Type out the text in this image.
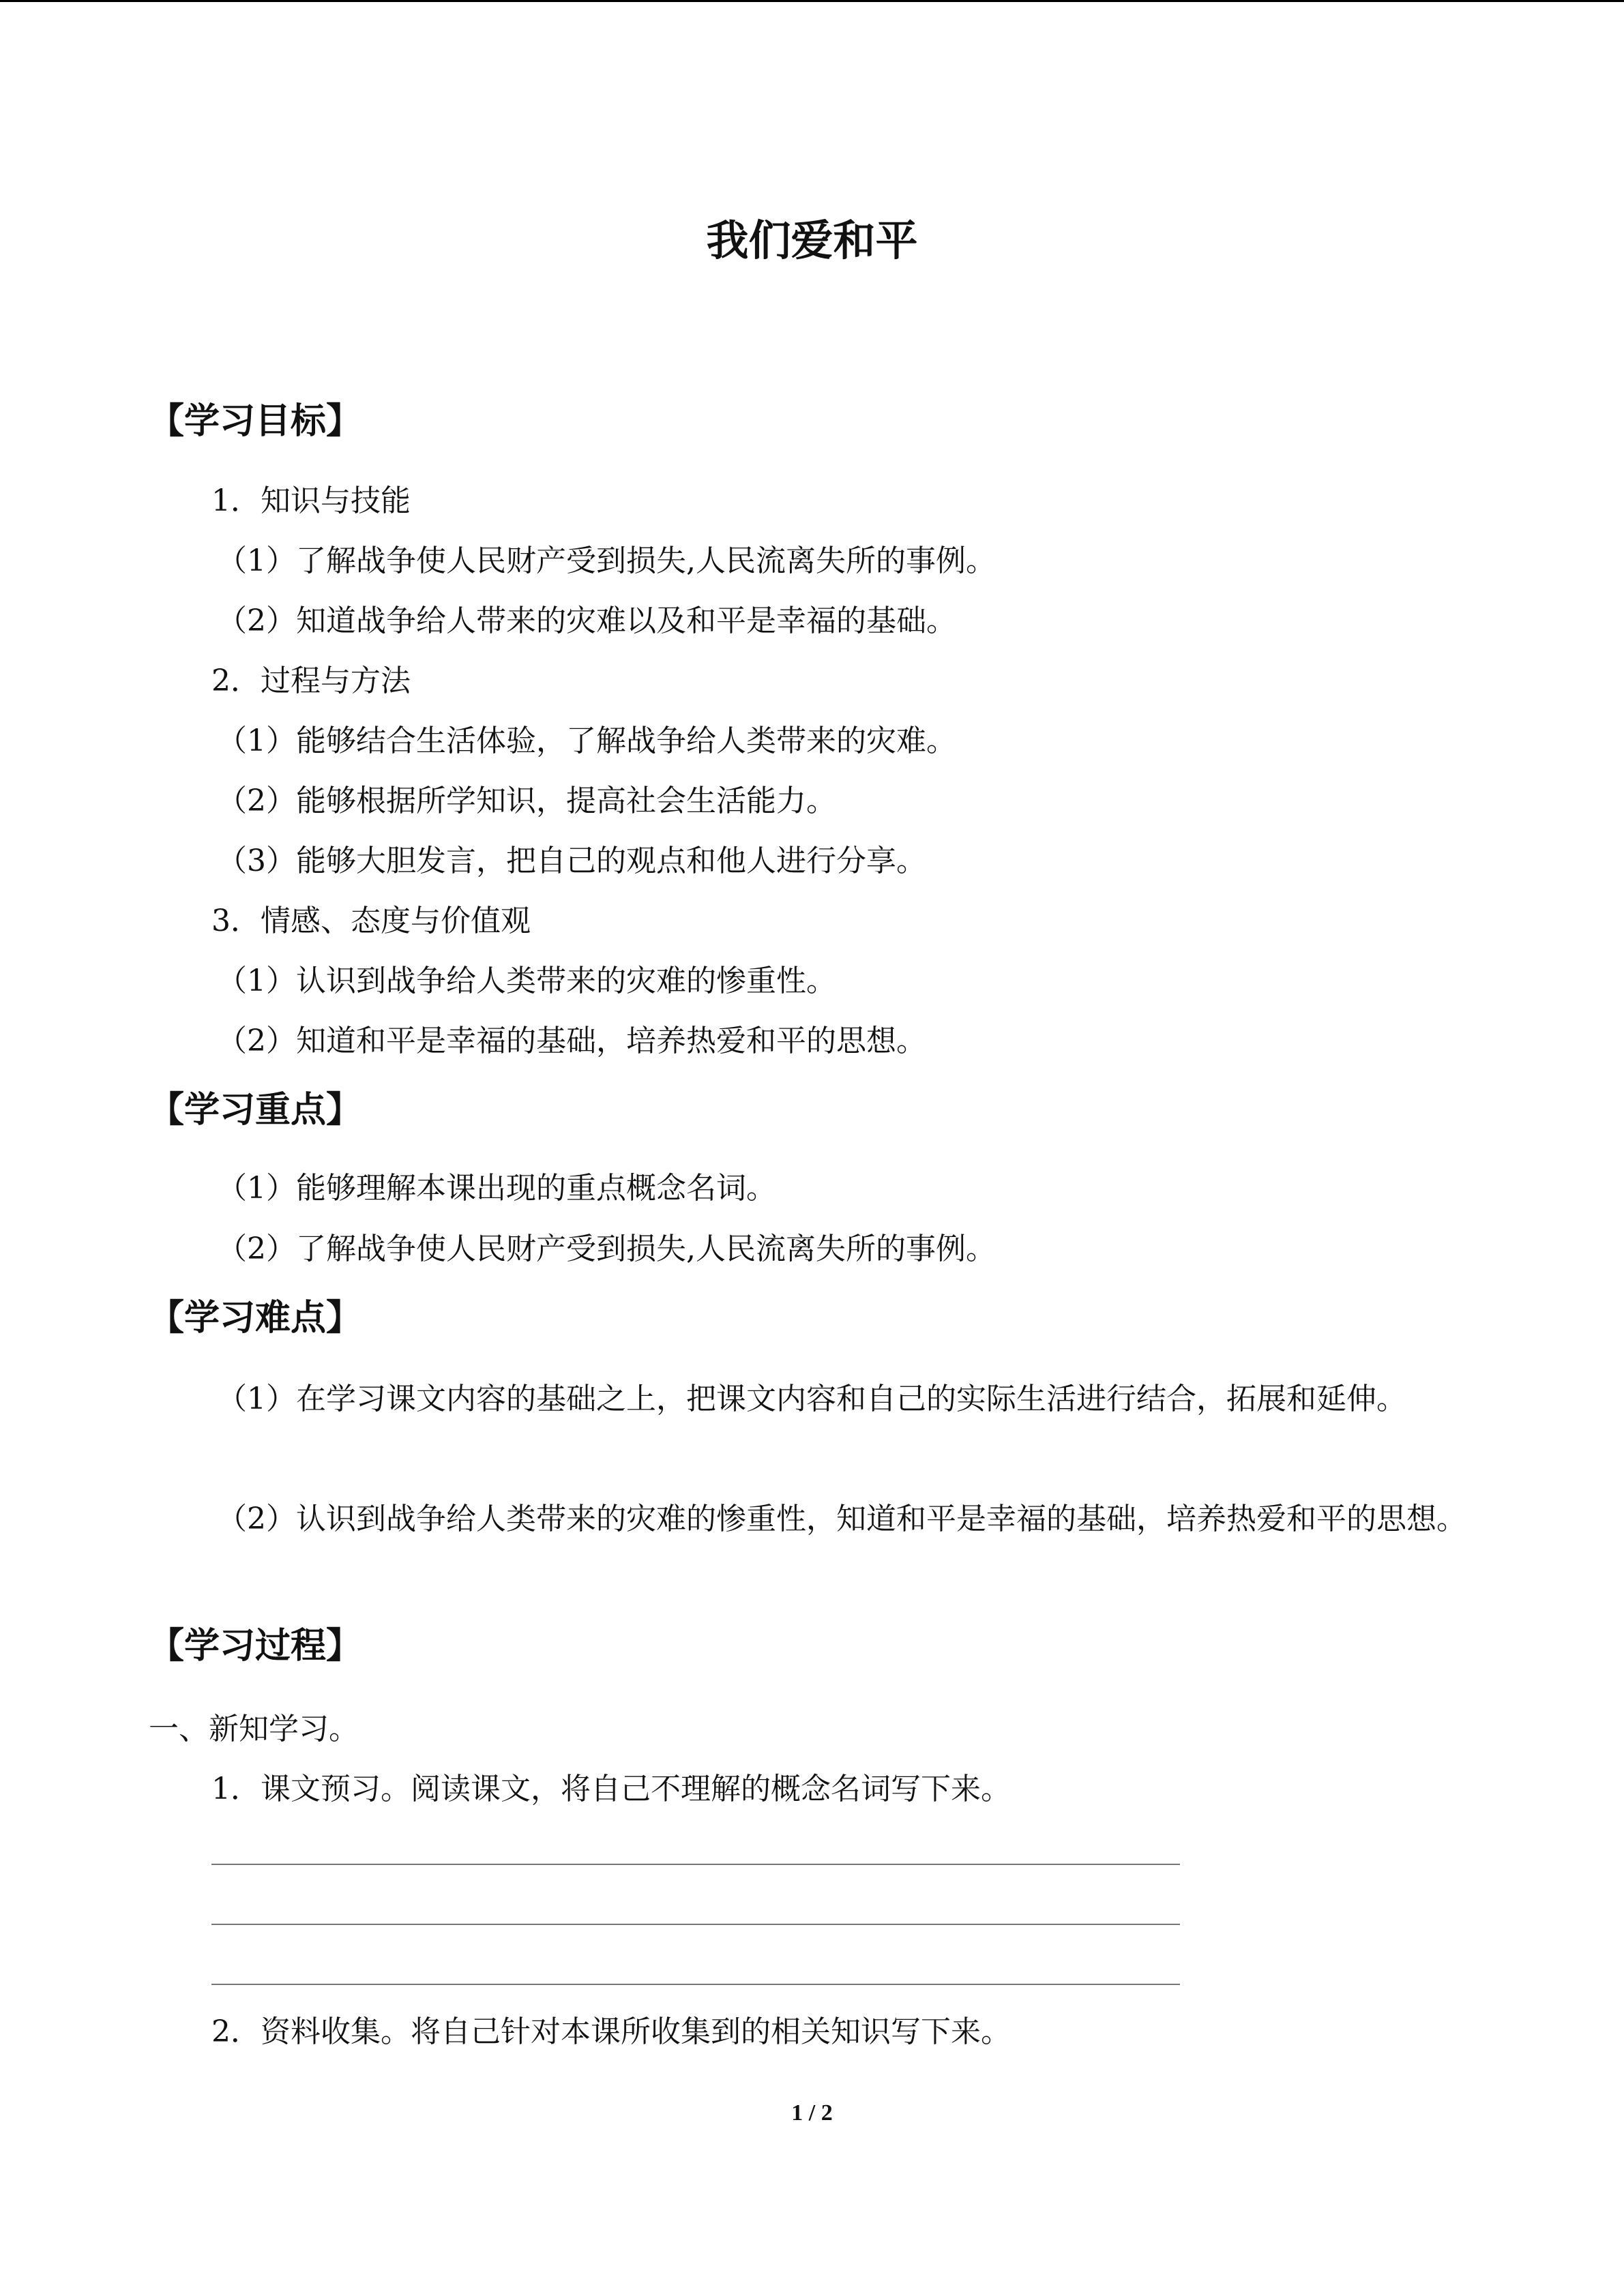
我们爱和平
【学习目标】
1．知识与技能
（1）了解战争使人民财产受到损失,人民流离失所的事例。
（2）知道战争给人带来的灾难以及和平是幸福的基础。
2．过程与方法
（1）能够结合生活体验，了解战争给人类带来的灾难。
（2）能够根据所学知识，提高社会生活能力。
（3）能够大胆发言，把自己的观点和他人进行分享。
3．情感、态度与价值观
（1）认识到战争给人类带来的灾难的惨重性。
（2）知道和平是幸福的基础，培养热爱和平的思想。
【学习重点】
（1）能够理解本课出现的重点概念名词。
（2）了解战争使人民财产受到损失,人民流离失所的事例。
【学习难点】
（1）在学习课文内容的基础之上，把课文内容和自己的实际生活进行结合，拓展和延伸。
（2）认识到战争给人类带来的灾难的惨重性，知道和平是幸福的基础，培养热爱和平的思想。
【学习过程】
一、新知学习。
1．课文预习。阅读课文，将自己不理解的概念名词写下来。
2．资料收集。将自己针对本课所收集到的相关知识写下来。
1 / 2
